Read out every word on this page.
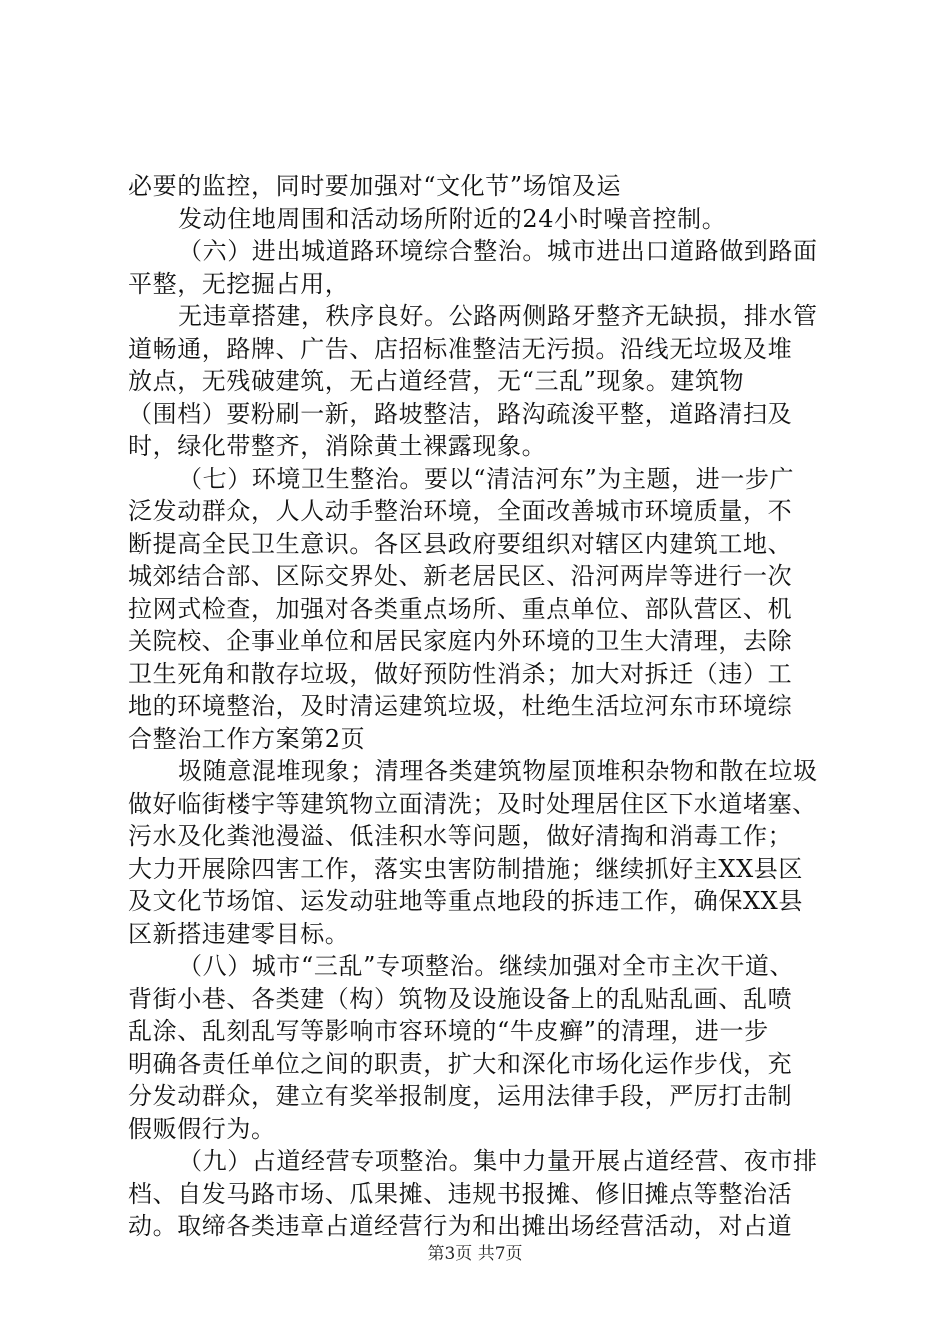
必要的监控，同时要加强对“文化节”场馆及运
发动住地周围和活动场所附近的24小时噪音控制。
（六）进出城道路环境综合整治。城市进出口道路做到路面
平整，无挖掘占用，
无违章搭建，秩序良好。公路两侧路牙整齐无缺损，排水管
道畅通，路牌、广告、店招标准整洁无污损。沿线无垃圾及堆
放点，无残破建筑，无占道经营，无“三乱”现象。建筑物
（围档）要粉刷一新，路坡整洁，路沟疏浚平整，道路清扫及
时，绿化带整齐，消除黄土裸露现象。
（七）环境卫生整治。要以“清洁河东”为主题，进一步广
泛发动群众，人人动手整治环境，全面改善城市环境质量，不
断提高全民卫生意识。各区县政府要组织对辖区内建筑工地、
城郊结合部、区际交界处、新老居民区、沿河两岸等进行一次
拉网式检查，加强对各类重点场所、重点单位、部队营区、机
关院校、企事业单位和居民家庭内外环境的卫生大清理，去除
卫生死角和散存垃圾，做好预防性消杀；加大对拆迁（违）工
地的环境整治，及时清运建筑垃圾，杜绝生活垃河东市环境综
合整治工作方案第2页
圾随意混堆现象；清理各类建筑物屋顶堆积杂物和散在垃圾
做好临街楼宇等建筑物立面清洗；及时处理居住区下水道堵塞、
污水及化粪池漫溢、低洼积水等问题，做好清掏和消毒工作；
大力开展除四害工作，落实虫害防制措施；继续抓好主XX县区
及文化节场馆、运发动驻地等重点地段的拆违工作，确保XX县
区新搭违建零目标。
（八）城市“三乱”专项整治。继续加强对全市主次干道、
背街小巷、各类建（构）筑物及设施设备上的乱贴乱画、乱喷
乱涂、乱刻乱写等影响市容环境的“牛皮癣”的清理，进一步
明确各责任单位之间的职责，扩大和深化市场化运作步伐，充
分发动群众，建立有奖举报制度，运用法律手段，严厉打击制
假贩假行为。
（九）占道经营专项整治。集中力量开展占道经营、夜市排
档、自发马路市场、瓜果摊、违规书报摊、修旧摊点等整治活
动。取缔各类违章占道经营行为和出摊出场经营活动，对占道
第3页 共7页
